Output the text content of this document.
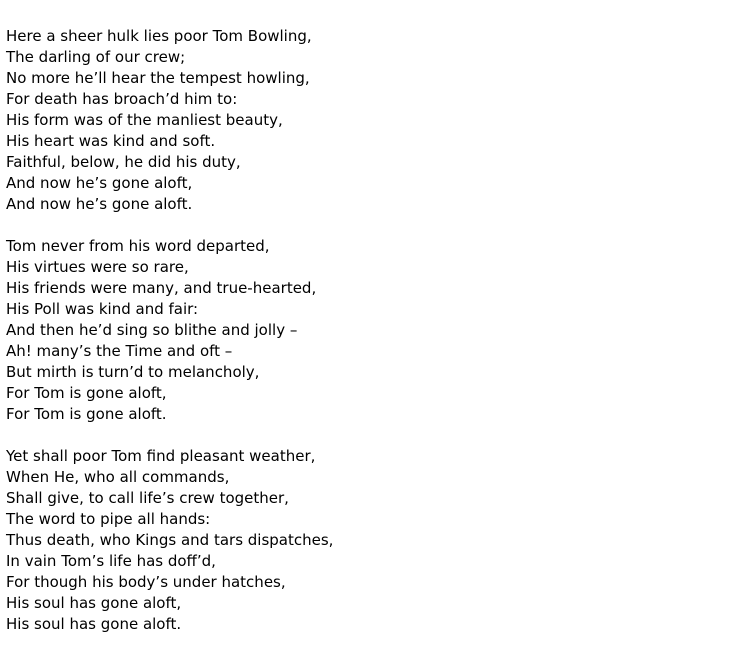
Here a sheer hulk lies poor Tom Bowling,
The darling of our crew;
No more he’ll hear the tempest howling,
For death has broach’d him to:
His form was of the manliest beauty,
His heart was kind and soft.
Faithful, below, he did his duty,
And now he’s gone aloft,
And now he’s gone aloft.
Tom never from his word departed,
His virtues were so rare,
His friends were many, and true-hearted,
His Poll was kind and fair:
And then he’d sing so blithe and jolly –
Ah! many’s the Time and oft –
But mirth is turn’d to melancholy,
For Tom is gone aloft,
For Tom is gone aloft.
Yet shall poor Tom find pleasant weather,
When He, who all commands,
Shall give, to call life’s crew together,
The word to pipe all hands:
Thus death, who Kings and tars dispatches,
In vain Tom’s life has doff’d,
For though his body’s under hatches,
His soul has gone aloft,
His soul has gone aloft.
